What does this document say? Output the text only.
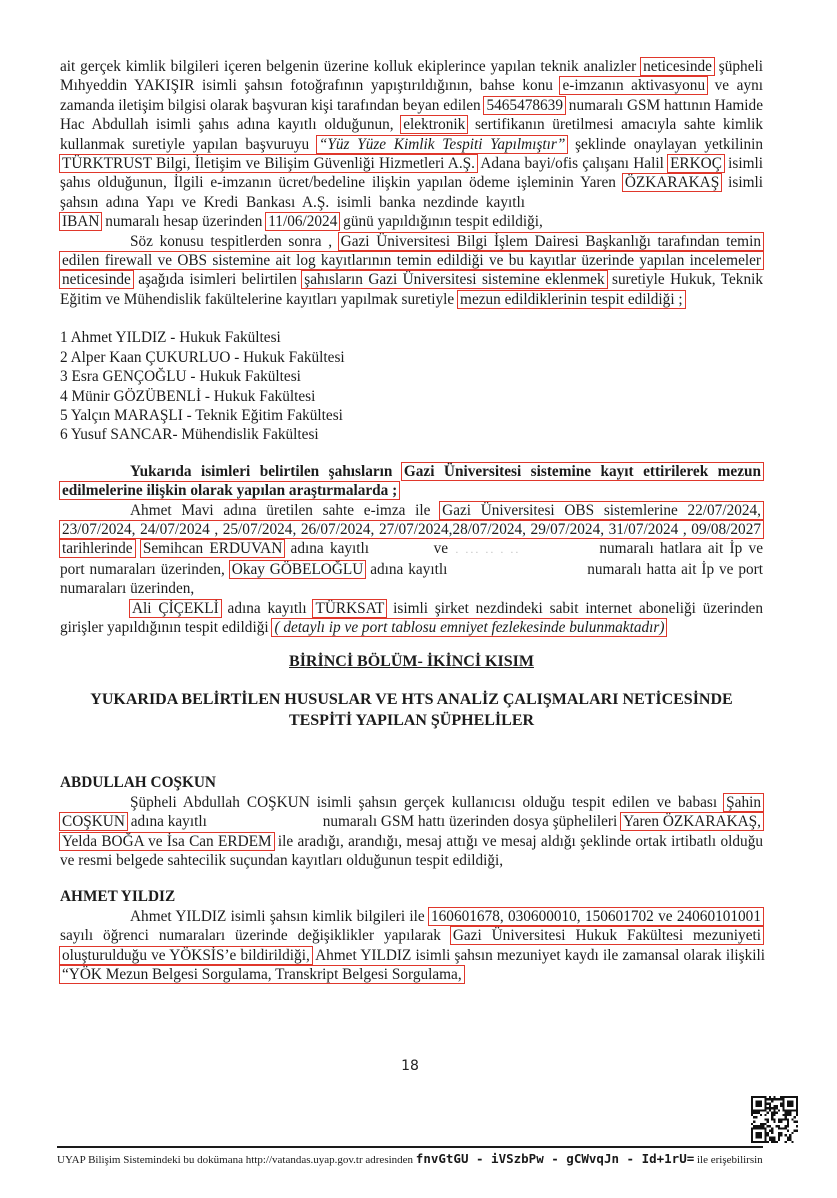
ait gerçek kimlik bilgileri içeren belgenin üzerine kolluk ekiplerince yapılan teknik analizler neticesinde şüpheli Mıhyeddin YAKIŞIR isimli şahsın fotoğrafının yapıştırıldığının, bahse konu e-imzanın aktivasyonu ve aynı zamanda iletişim bilgisi olarak başvuran kişi tarafından beyan edilen 5465478639 numaralı GSM hattının Hamide Hac Abdullah isimli şahıs adına kayıtlı olduğunun, elektronik sertifikanın üretilmesi amacıyla sahte kimlik kullanmak suretiyle yapılan başvuruyu “Yüz Yüze Kimlik Tespiti Yapılmıştır” şeklinde onaylayan yetkilinin TÜRKTRUST Bilgi, İletişim ve Bilişim Güvenliği Hizmetleri A.Ş. Adana bayi/ofis çalışanı Halil ERKOÇ isimli şahıs olduğunun, İlgili e-imzanın ücret/bedeline ilişkin yapılan ödeme işleminin Yaren ÖZKARAKAŞ isimli şahsın adına Yapı ve Kredi Bankası A.Ş. isimli banka nezdinde kayıtlıIBAN numaralı hesap üzerinden 11/06/2024 günü yapıldığının tespit edildiği,
Söz konusu tespitlerden sonra , Gazi Üniversitesi Bilgi İşlem Dairesi Başkanlığı tarafından temin edilen firewall ve OBS sistemine ait log kayıtlarının temin edildiği ve bu kayıtlar üzerinde yapılan incelemeler neticesinde aşağıda isimleri belirtilen şahısların Gazi Üniversitesi sistemine eklenmek suretiyle Hukuk, Teknik Eğitim ve Mühendislik fakültelerine kayıtları yapılmak suretiyle mezun edildiklerinin tespit edildiği ;
1 Ahmet YILDIZ - Hukuk Fakültesi
2 Alper Kaan ÇUKURLUO - Hukuk Fakültesi
3 Esra GENÇOĞLU - Hukuk Fakültesi
4 Münir GÖZÜBENLİ - Hukuk Fakültesi
5 Yalçın MARAŞLI - Teknik Eğitim Fakültesi
6 Yusuf SANCAR- Mühendislik Fakültesi
Yukarıda isimleri belirtilen şahısların Gazi Üniversitesi sistemine kayıt ettirilerek mezun edilmelerine ilişkin olarak yapılan araştırmalarda ;
Ahmet Mavi adına üretilen sahte e-imza ile Gazi Üniversitesi OBS sistemlerine 22/07/2024, 23/07/2024, 24/07/2024 , 25/07/2024, 26/07/2024, 27/07/2024,28/07/2024, 29/07/2024, 31/07/2024 , 09/08/2027 tarihlerinde Semihcan ERDUVAN adına kayıtlı	. . ... .. . .. ve	numaralı hatlara ait İp ve port numaraları üzerinden, Okay GÖBELOĞLU adına kayıtlı	numaralı hatta ait İp ve port numaraları üzerinden,
Ali ÇİÇEKLİ adına kayıtlı TÜRKSAT isimli şirket nezdindeki sabit internet aboneliği üzerinden girişler yapıldığının tespit edildiği ( detaylı ip ve port tablosu emniyet fezlekesinde bulunmaktadır)
BİRİNCİ BÖLÜM- İKİNCİ KISIM
YUKARIDA BELİRTİLEN HUSUSLAR VE HTS ANALİZ ÇALIŞMALARI NETİCESİNDE TESPİTİ YAPILAN ŞÜPHELİLER
ABDULLAH COŞKUN
Şüpheli Abdullah COŞKUN isimli şahsın gerçek kullanıcısı olduğu tespit edilen ve babası Şahin COŞKUN adına kayıtlı	numaralı GSM hattı üzerinden dosya şüphelileri Yaren ÖZKARAKAŞ, Yelda BOĞA ve İsa Can ERDEM ile aradığı, arandığı, mesaj attığı ve mesaj aldığı şeklinde ortak irtibatlı olduğu ve resmi belgede sahtecilik suçundan kayıtları olduğunun tespit edildiği,
AHMET YILDIZ
Ahmet YILDIZ isimli şahsın kimlik bilgileri ile 160601678, 030600010, 150601702 ve 24060101001 sayılı öğrenci numaraları üzerinde değişiklikler yapılarak Gazi Üniversitesi Hukuk Fakültesi mezuniyeti oluşturulduğu ve YÖKSİS’e bildirildiği, Ahmet YILDIZ isimli şahsın mezuniyet kaydı ile zamansal olarak ilişkili “YÖK Mezun Belgesi Sorgulama, Transkript Belgesi Sorgulama,
18
UYAP Bilişim Sistemindeki bu dokümana http://vatandas.uyap.gov.tr adresinden fnvGtGU - iVSzbPw - gCWvqJn - Id+1rU= ile erişebilirsin
